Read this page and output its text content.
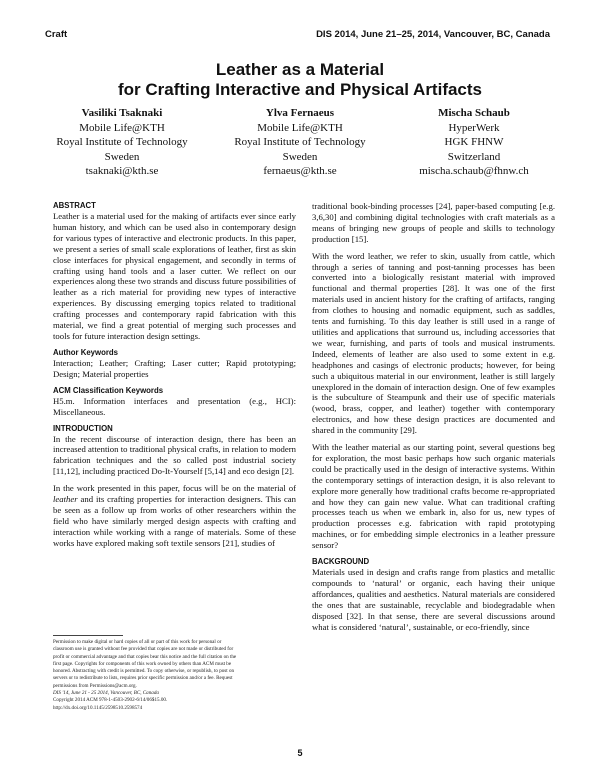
Craft	DIS 2014, June 21–25, 2014, Vancouver, BC, Canada
Leather as a Material
for Crafting Interactive and Physical Artifacts
Vasiliki Tsaknaki
Mobile Life@KTH
Royal Institute of Technology
Sweden
tsaknaki@kth.se
Ylva Fernaeus
Mobile Life@KTH
Royal Institute of Technology
Sweden
fernaeus@kth.se
Mischa Schaub
HyperWerk
HGK FHNW
Switzerland
mischa.schaub@fhnw.ch
ABSTRACT

Leather is a material used for the making of artifacts ever since early human history, and which can be used also in contemporary design for various types of interactive and electronic products. In this paper, we present a series of small scale explorations of leather, first as skin close interfaces for physical engagement, and secondly in terms of crafting using hand tools and a laser cutter. We reflect on our experiences along these two strands and discuss future possibilities of leather as a rich material for providing new types of interactive experiences. By discussing emerging topics related to traditional crafting processes and contemporary rapid fabrication with this material, we find a great potential of merging such processes and tools for future interaction design settings.

Author Keywords

Interaction; Leather; Crafting; Laser cutter; Rapid prototyping; Design; Material properties

ACM Classification Keywords

H5.m. Information interfaces and presentation (e.g., HCI): Miscellaneous.

INTRODUCTION

In the recent discourse of interaction design, there has been an increased attention to traditional physical crafts, in relation to modern fabrication techniques and the so called post industrial society [11,12], including practiced Do-It-Yourself [5,14] and eco design [2].

In the work presented in this paper, focus will be on the material of leather and its crafting properties for interaction designers. This can be seen as a follow up from works of other researchers within the field who have similarly merged design aspects with crafting and interaction while working with a range of materials. Some of these works have explored making soft textile sensors [21], studies of

Permission to make digital or hard copies of all or part of this work for personal or
classroom use is granted without fee provided that copies are not made or distributed for
profit or commercial advantage and that copies bear this notice and the full citation on the
first page. Copyrights for components of this work owned by others than ACM must be
honored. Abstracting with credit is permitted. To copy otherwise, or republish, to post on
servers or to redistribute to lists, requires prior specific permission and/or a fee. Request
permissions from Permissions@acm.org.
DIS '14, June 21 - 25 2014, Vancouver, BC, Canada
Copyright 2014 ACM 978-1-4503-2902-6/14/06$15.00.
http://dx.doi.org/10.1145/2598510.2598574

traditional book-binding processes [24], paper-based computing [e.g. 3,6,30] and combining digital technologies with craft materials as a means of bringing new groups of people and skills to technology production [15].

With the word leather, we refer to skin, usually from cattle, which through a series of tanning and post-tanning processes has been converted into a biologically resistant material with improved functional and thermal properties [28]. It was one of the first materials used in ancient history for the crafting of artifacts, ranging from clothes to housing and nomadic equipment, such as saddles, tents and furnishing. To this day leather is still used in a range of utilities and applications that surround us, including accessories that we wear, furnishing, and parts of tools and musical instruments. Indeed, elements of leather are also used to some extent in e.g. headphones and casings of electronic products; however, for being such a ubiquitous material in our environment, leather is still largely unexplored in the domain of interaction design. One of few examples is the subculture of Steampunk and their use of specific materials (wood, brass, copper, and leather) together with contemporary electronics, and how these design practices are documented and shared in the community [29].

With the leather material as our starting point, several questions beg for exploration, the most basic perhaps how such organic materials could be practically used in the design of interactive systems. Within the contemporary settings of interaction design, it is also relevant to explore more generally how traditional crafts become re-appropriated and how they can gain new value. What can traditional crafting processes teach us when we embark in, also for us, new types of production processes e.g. fabrication with rapid prototyping machines, or for embedding simple electronics in a leather pressure sensor?

BACKGROUND

Materials used in design and crafts range from plastics and metallic compounds to ‘natural’ or organic, each having their unique affordances, qualities and aesthetics. Natural materials are considered the ones that are sustainable, recyclable and biodegradable when disposed [32]. In that sense, there are several discussions around what is considered ‘natural’, sustainable, or eco-friendly, since

5
